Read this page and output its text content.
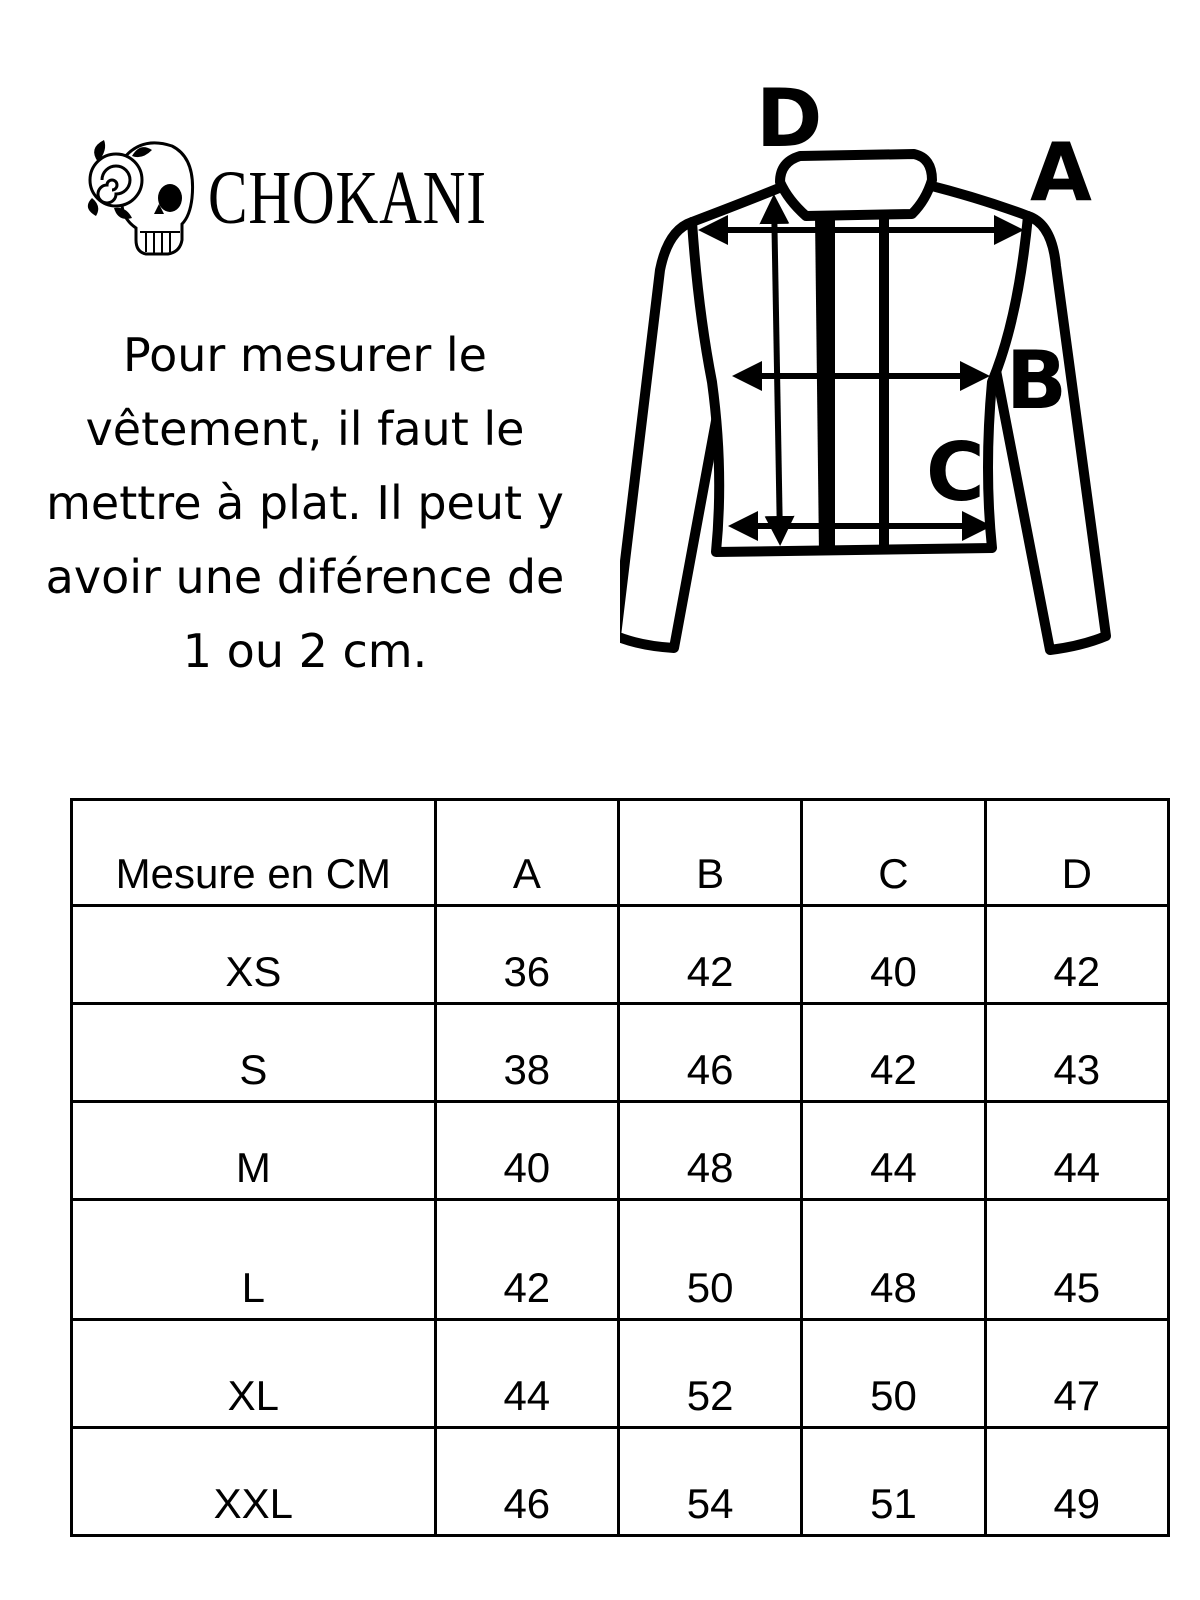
CHOKANI
Pour mesurer le
vêtement, il faut le
mettre à plat. Il peut y
avoir une diférence de
1 ou 2 cm.
D
A
B
C
Mesure en CM	A	B	C	D
XS	36	42	40	42
S	38	46	42	43
M	40	48	44	44
L	42	50	48	45
XL	44	52	50	47
XXL	46	54	51	49
